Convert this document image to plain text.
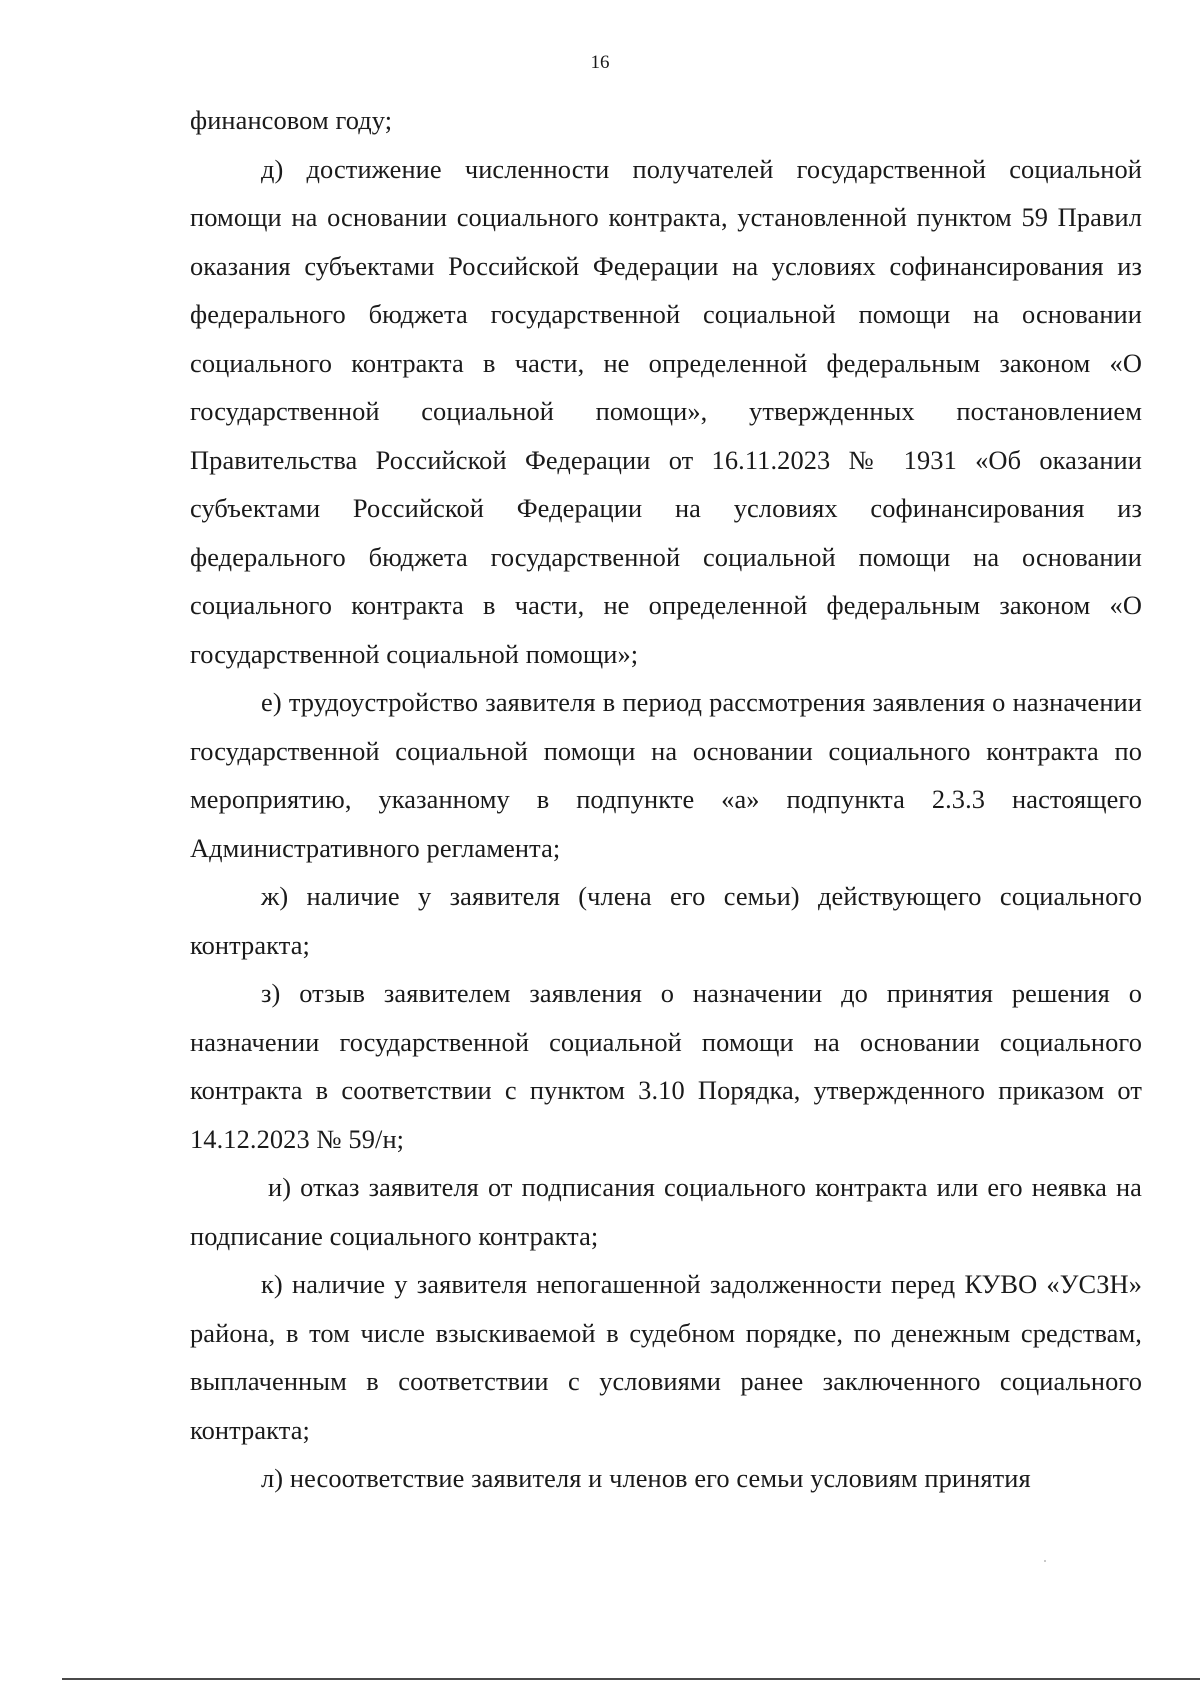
16

финансовом году;

д) достижение численности получателей государственной социальной помощи на основании социального контракта, установленной пунктом 59 Правил оказания субъектами Российской Федерации на условиях софинансирования из федерального бюджета государственной социальной помощи на основании социального контракта в части, не определенной федеральным законом «О государственной социальной помощи», утвержденных постановлением Правительства Российской Федерации от 16.11.2023 № 1931 «Об оказании субъектами Российской Федерации на условиях софинансирования из федерального бюджета государственной социальной помощи на основании социального контракта в части, не определенной федеральным законом «О государственной социальной помощи»;

е) трудоустройство заявителя в период рассмотрения заявления о назначении государственной социальной помощи на основании социального контракта по мероприятию, указанному в подпункте «а» подпункта 2.3.3 настоящего Административного регламента;

ж) наличие у заявителя (члена его семьи) действующего социального контракта;

з) отзыв заявителем заявления о назначении до принятия решения о назначении государственной социальной помощи на основании социального контракта в соответствии с пунктом 3.10 Порядка, утвержденного приказом от 14.12.2023 № 59/н;

и) отказ заявителя от подписания социального контракта или его неявка на подписание социального контракта;

к) наличие у заявителя непогашенной задолженности перед КУВО «УСЗН» района, в том числе взыскиваемой в судебном порядке, по денежным средствам, выплаченным в соответствии с условиями ранее заключенного социального контракта;

л) несоответствие заявителя и членов его семьи условиям принятия
